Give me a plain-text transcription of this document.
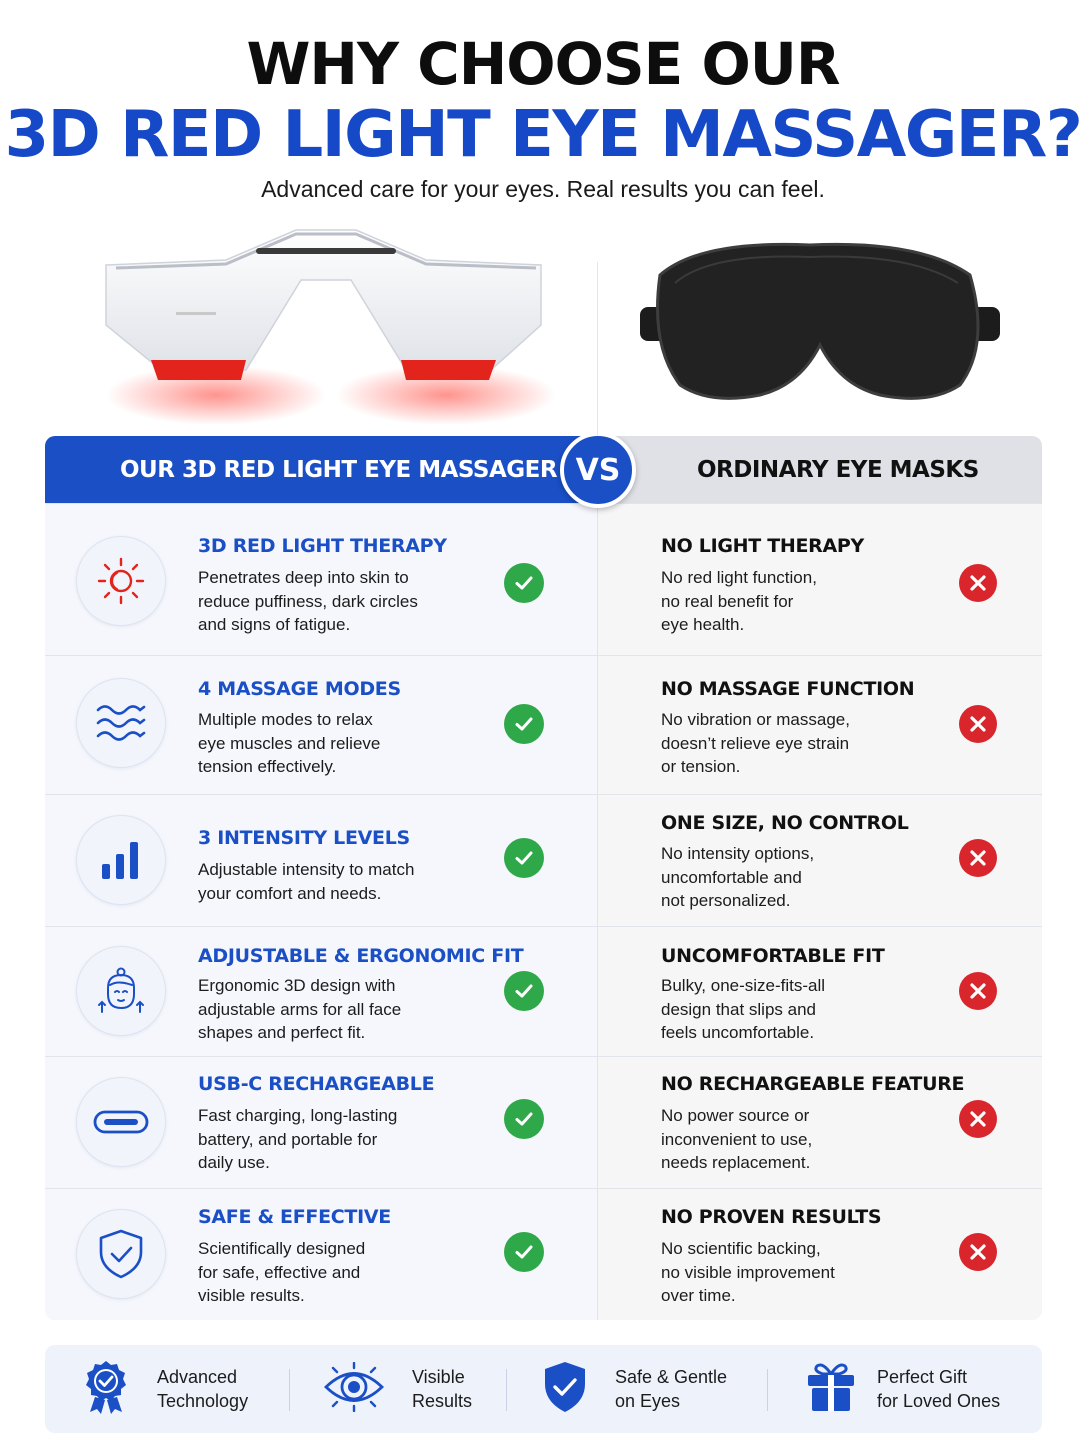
WHY CHOOSE OUR
3D RED LIGHT EYE MASSAGER?
Advanced care for your eyes. Real results you can feel.
OUR 3D RED LIGHT EYE MASSAGER	ORDINARY EYE MASKS
VS
3D RED LIGHT THERAPY
Penetrates deep into skin to
reduce puffiness, dark circles
and signs of fatigue.
NO LIGHT THERAPY
No red light function,
no real benefit for
eye health.
4 MASSAGE MODES
Multiple modes to relax
eye muscles and relieve
tension effectively.
NO MASSAGE FUNCTION
No vibration or massage,
doesn’t relieve eye strain
or tension.
3 INTENSITY LEVELS
Adjustable intensity to match
your comfort and needs.
ONE SIZE, NO CONTROL
No intensity options,
uncomfortable and
not personalized.
ADJUSTABLE & ERGONOMIC FIT
Ergonomic 3D design with
adjustable arms for all face
shapes and perfect fit.
UNCOMFORTABLE FIT
Bulky, one-size-fits-all
design that slips and
feels uncomfortable.
USB-C RECHARGEABLE
Fast charging, long-lasting
battery, and portable for
daily use.
NO RECHARGEABLE FEATURE
No power source or
inconvenient to use,
needs replacement.
SAFE & EFFECTIVE
Scientifically designed
for safe, effective and
visible results.
NO PROVEN RESULTS
No scientific backing,
no visible improvement
over time.
Advanced
Technology
Visible
Results
Safe & Gentle
on Eyes
Perfect Gift
for Loved Ones
